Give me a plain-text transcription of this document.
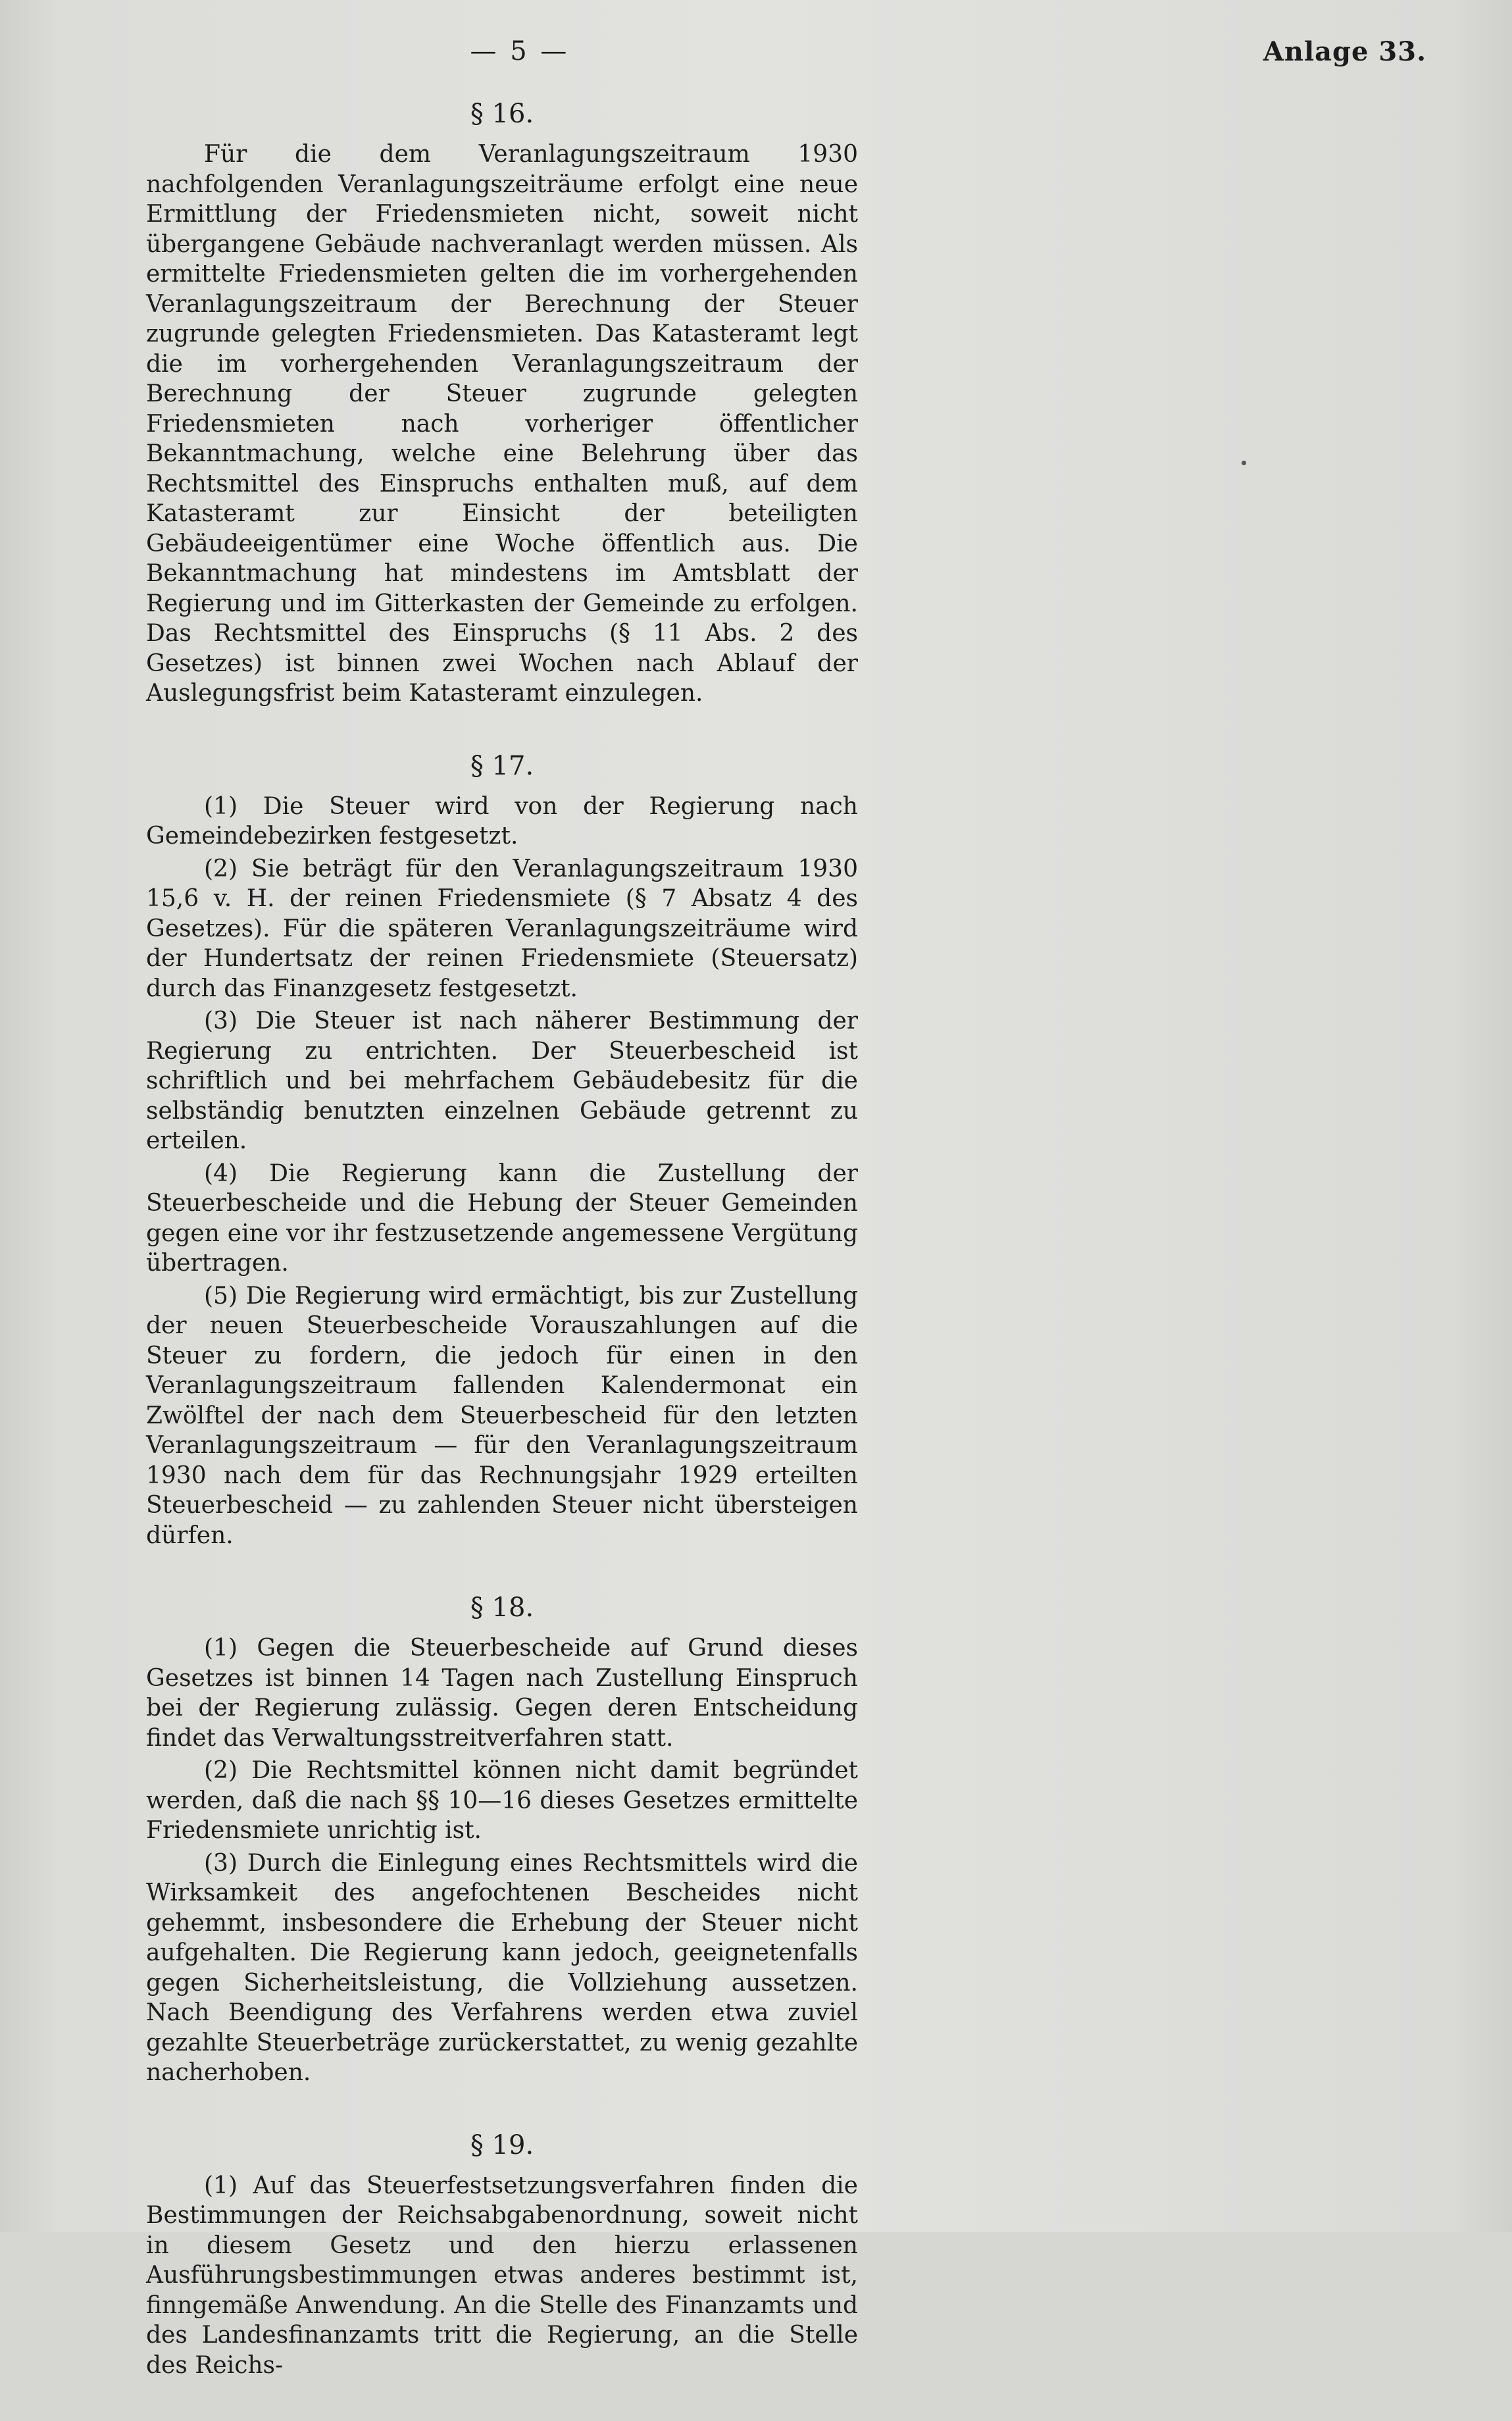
— 5 —	Anlage 33.
§ 16.

Für die dem Veranlagungszeitraum 1930 nachfolgenden Veranlagungszeiträume erfolgt eine neue Ermittlung der Friedensmieten nicht, soweit nicht übergangene Gebäude nachveranlagt werden müssen. Als ermittelte Friedensmieten gelten die im vorhergehenden Veranlagungszeitraum der Berechnung der Steuer zugrunde gelegten Friedensmieten. Das Katasteramt legt die im vorhergehenden Veranlagungszeitraum der Berechnung der Steuer zugrunde gelegten Friedensmieten nach vorheriger öffentlicher Bekanntmachung, welche eine Belehrung über das Rechtsmittel des Einspruchs enthalten muß, auf dem Katasteramt zur Einsicht der beteiligten Gebäudeeigentümer eine Woche öffentlich aus. Die Bekanntmachung hat mindestens im Amtsblatt der Regierung und im Gitterkasten der Gemeinde zu erfolgen. Das Rechtsmittel des Einspruchs (§ 11 Abs. 2 des Gesetzes) ist binnen zwei Wochen nach Ablauf der Auslegungsfrist beim Katasteramt einzulegen.

§ 17.

(1) Die Steuer wird von der Regierung nach Gemeindebezirken festgesetzt.

(2) Sie beträgt für den Veranlagungszeitraum 1930 15,6 v. H. der reinen Friedensmiete (§ 7 Absatz 4 des Gesetzes). Für die späteren Veranlagungszeiträume wird der Hundertsatz der reinen Friedensmiete (Steuersatz) durch das Finanzgesetz festgesetzt.

(3) Die Steuer ist nach näherer Bestimmung der Regierung zu entrichten. Der Steuerbescheid ist schriftlich und bei mehrfachem Gebäudebesitz für die selbständig benutzten einzelnen Gebäude getrennt zu erteilen.

(4) Die Regierung kann die Zustellung der Steuerbescheide und die Hebung der Steuer Gemeinden gegen eine vor ihr festzusetzende angemessene Vergütung übertragen.

(5) Die Regierung wird ermächtigt, bis zur Zustellung der neuen Steuerbescheide Vorauszahlungen auf die Steuer zu fordern, die jedoch für einen in den Veranlagungszeitraum fallenden Kalendermonat ein Zwölftel der nach dem Steuerbescheid für den letzten Veranlagungszeitraum — für den Veranlagungszeitraum 1930 nach dem für das Rechnungsjahr 1929 erteilten Steuerbescheid — zu zahlenden Steuer nicht übersteigen dürfen.

§ 18.

(1) Gegen die Steuerbescheide auf Grund dieses Gesetzes ist binnen 14 Tagen nach Zustellung Einspruch bei der Regierung zulässig. Gegen deren Entscheidung findet das Verwaltungsstreitverfahren statt.

(2) Die Rechtsmittel können nicht damit begründet werden, daß die nach §§ 10—16 dieses Gesetzes ermittelte Friedensmiete unrichtig ist.

(3) Durch die Einlegung eines Rechtsmittels wird die Wirksamkeit des angefochtenen Bescheides nicht gehemmt, insbesondere die Erhebung der Steuer nicht aufgehalten. Die Regierung kann jedoch, geeignetenfalls gegen Sicherheitsleistung, die Vollziehung aussetzen. Nach Beendigung des Verfahrens werden etwa zuviel gezahlte Steuerbeträge zurückerstattet, zu wenig gezahlte nacherhoben.

§ 19.

(1) Auf das Steuerfestsetzungsverfahren finden die Bestimmungen der Reichsabgabenordnung, soweit nicht in diesem Gesetz und den hierzu erlassenen Ausführungsbestimmungen etwas anderes bestimmt ist, finngemäße Anwendung. An die Stelle des Finanzamts und des Landesfinanzamts tritt die Regierung, an die Stelle des Reichs-
